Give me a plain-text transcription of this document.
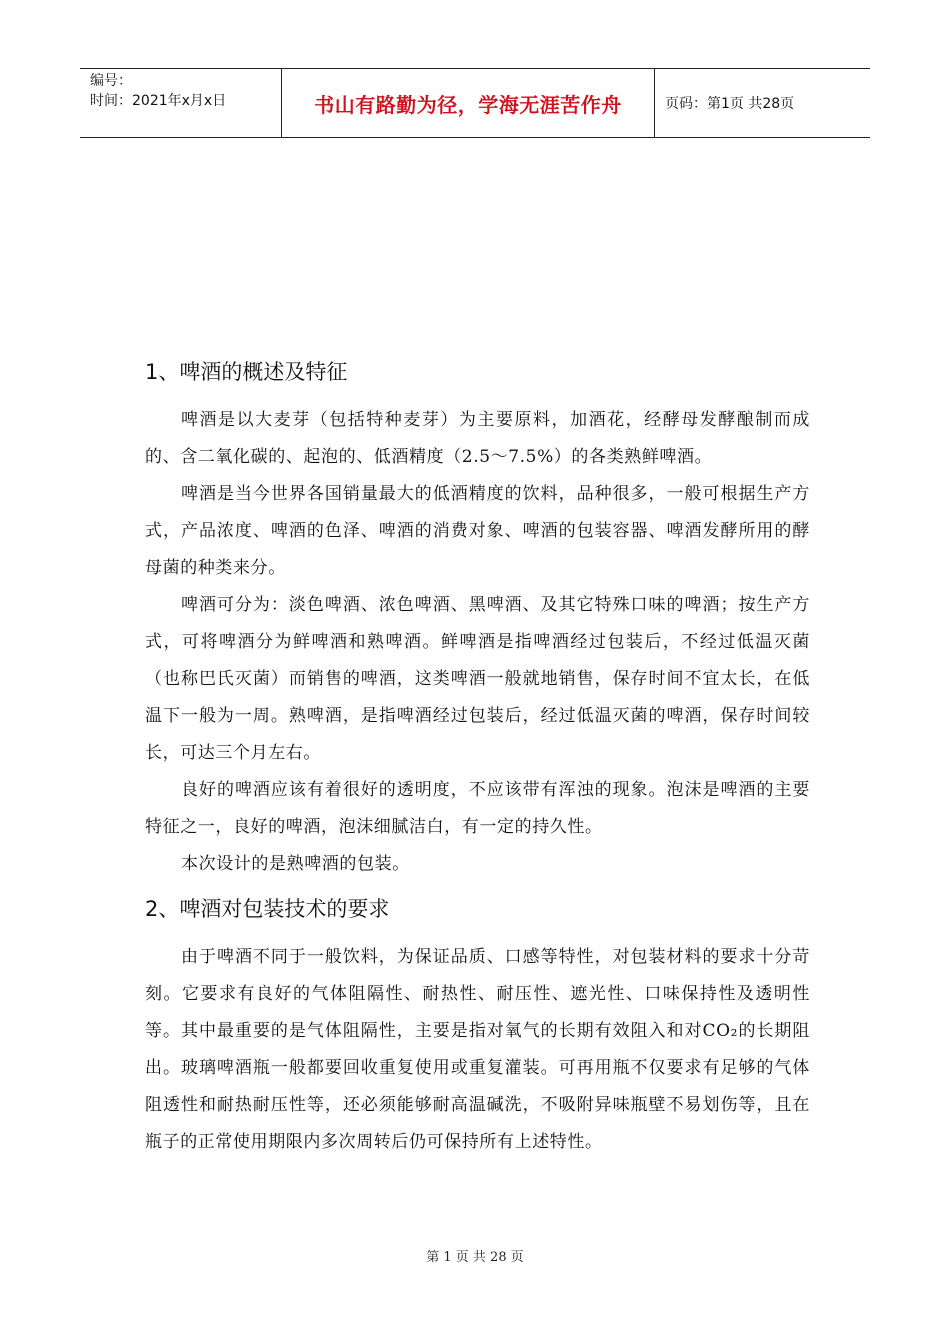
编号：
时间：2021年x月x日	书山有路勤为径，学海无涯苦作舟	页码：第1页 共28页
1、啤酒的概述及特征

啤酒是以大麦芽（包括特种麦芽）为主要原料，加酒花，经酵母发酵酿制而成的、含二氧化碳的、起泡的、低酒精度（2.5～7.5%）的各类熟鲜啤酒。

啤酒是当今世界各国销量最大的低酒精度的饮料，品种很多，一般可根据生产方式，产品浓度、啤酒的色泽、啤酒的消费对象、啤酒的包装容器、啤酒发酵所用的酵母菌的种类来分。

啤酒可分为：淡色啤酒、浓色啤酒、黑啤酒、及其它特殊口味的啤酒；按生产方式，可将啤酒分为鲜啤酒和熟啤酒。鲜啤酒是指啤酒经过包装后，不经过低温灭菌（也称巴氏灭菌）而销售的啤酒，这类啤酒一般就地销售，保存时间不宜太长，在低温下一般为一周。熟啤酒，是指啤酒经过包装后，经过低温灭菌的啤酒，保存时间较长，可达三个月左右。

良好的啤酒应该有着很好的透明度，不应该带有浑浊的现象。泡沫是啤酒的主要特征之一，良好的啤酒，泡沫细腻洁白，有一定的持久性。

本次设计的是熟啤酒的包装。

2、啤酒对包装技术的要求

由于啤酒不同于一般饮料，为保证品质、口感等特性，对包装材料的要求十分苛刻。它要求有良好的气体阻隔性、耐热性、耐压性、遮光性、口味保持性及透明性等。其中最重要的是气体阻隔性，主要是指对氧气的长期有效阻入和对CO₂的长期阻出。玻璃啤酒瓶一般都要回收重复使用或重复灌装。可再用瓶不仅要求有足够的气体阻透性和耐热耐压性等，还必须能够耐高温碱洗，不吸附异味瓶壁不易划伤等，且在瓶子的正常使用期限内多次周转后仍可保持所有上述特性。

第 1 页 共 28 页
